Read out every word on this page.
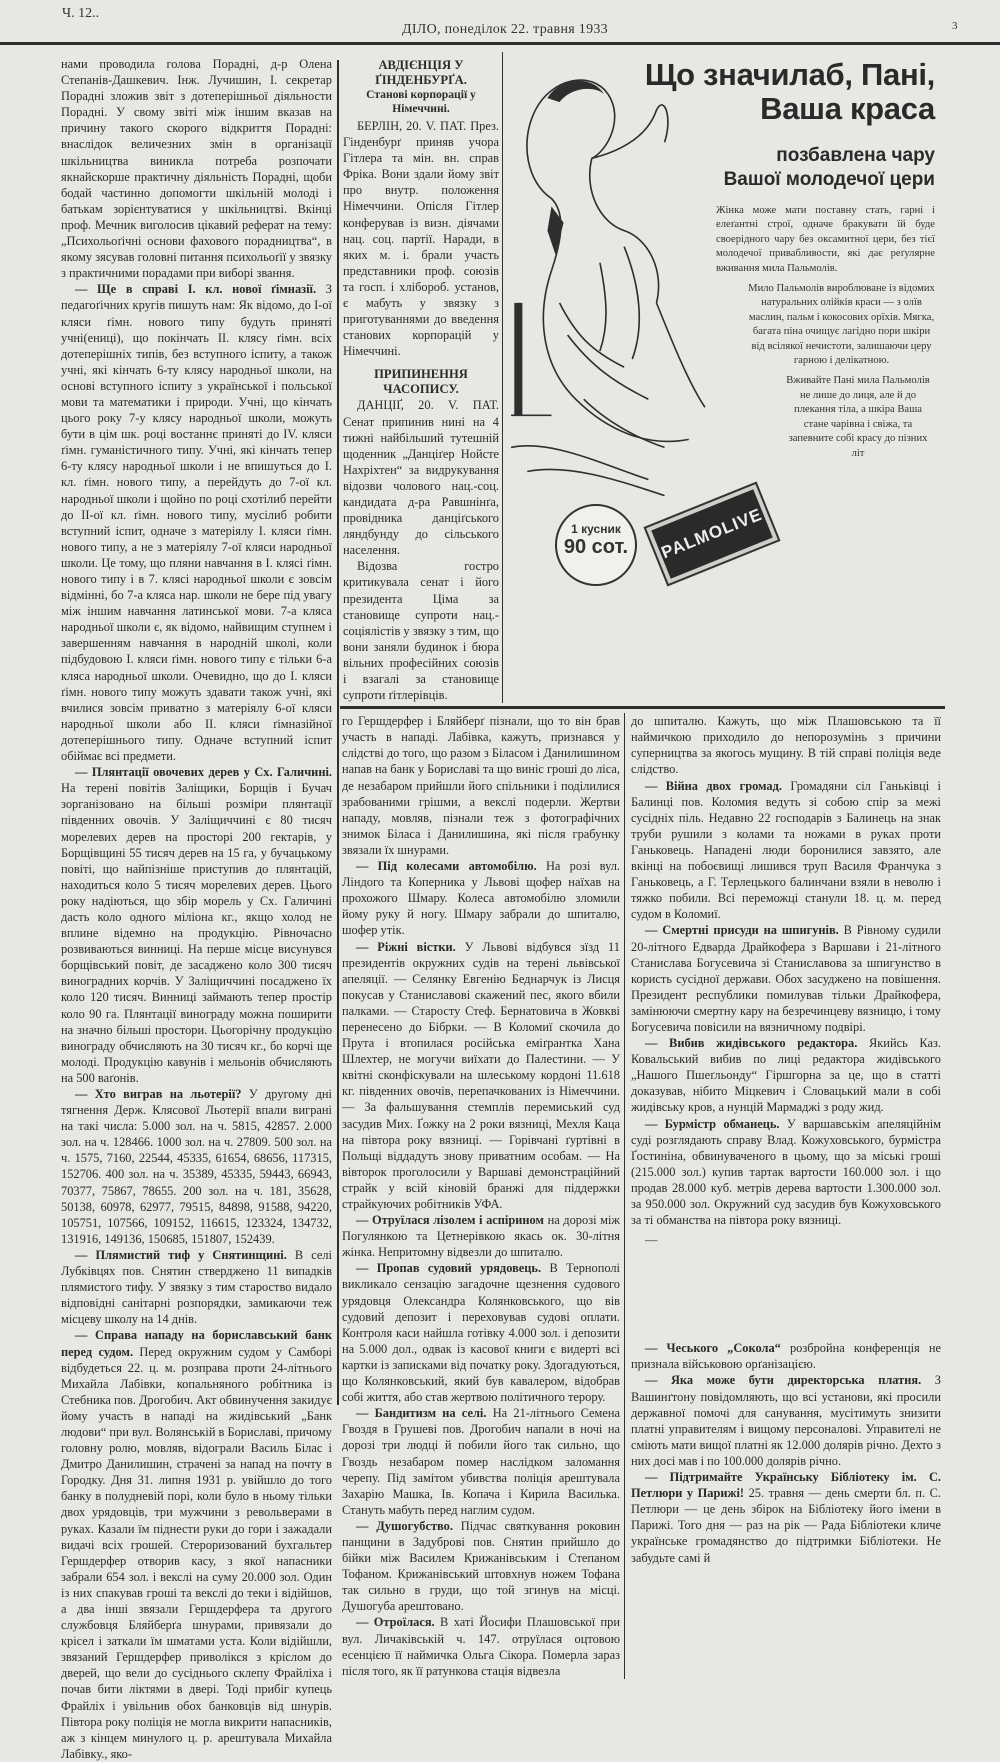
Ч. 12..
ДІЛО, понеділок 22. травня 1933	3

нами проводила голова Порадні, д-р Олена Степанів-Дашкевич. Інж. Лучишин, І. секретар Порадні зложив звіт з дотеперішньої діяльности Порадні. У свому звіті між іншим вказав на причину такого скорого відкриття Порадні: внаслідок величезних змін в організації шкільництва виникла потреба розпочати якнайскорше практичну діяльність Порадні, щоби бодай частинно допомогти шкільній молоді і батькам зорієнтуватися у шкільництві. Вкінці проф. Мечник виголосив цікавий реферат на тему: „Психольоґічні основи фахового порадництва“, в якому зясував головні питання психольоґії у звязку з практичними порадами при виборі звання.

— Ще в справі І. кл. нової ґімназії. З педагоґічних кругів пишуть нам: Як відомо, до І-ої кляси ґімн. нового типу будуть приняті учні(ениці), що покінчать ІІ. клясу ґімн. всіх дотеперішніх типів, без вступного іспиту, а також учні, які кінчать 6-ту клясу народньої школи, на основі вступного іспиту з української і польської мови та математики і природи. Учні, що кінчать цього року 7-у клясу народньої школи, можуть бути в цім шк. році востаннє приняті до IV. кляси ґімн. гуманістичного типу. Учні, які кінчать тепер 6-ту клясу народньої школи і не впишуться до І. кл. ґімн. нового типу, а перейдуть до 7-ої кл. народньої школи і щойно по році схотілиб перейти до ІІ-ої кл. ґімн. нового типу, мусілиб робити вступний іспит, одначе з матеріялу І. кляси ґімн. нового типу, а не з матеріялу 7-ої кляси народньої школи. Це тому, що пляни навчання в І. клясі ґімн. нового типу і в 7. клясі народньої школи є зовсім відмінні, бо 7-а кляса нар. школи не бере під увагу між іншим навчання латинської мови. 7-а кляса народньої школи є, як відомо, найвищим ступнем і завершенням навчання в народній школі, коли підбудовою І. кляси ґімн. нового типу є тільки 6-а кляса народньої школи. Очевидно, що до І. кляси ґімн. нового типу можуть здавати також учні, які вчилися зовсім приватно з матеріялу 6-ої кляси народньої школи або ІІ. кляси ґімназійної дотеперішнього типу. Одначе вступний іспит обіймає всі предмети.

— Плянтації овочевих дерев у Сх. Галичині. На терені повітів Заліщики, Борщів і Бучач зорганізовано на більші розміри плянтації південних овочів. У Заліщиччині є 80 тисяч морелевих дерев на просторі 200 гектарів, у Борщівщині 55 тисяч дерев на 15 га, у бучацькому повіті, що найпізніше приступив до плянтацій, находиться коло 5 тисяч морелевих дерев. Цього року надіються, що збір морель у Сх. Галичині дасть коло одного міліона кг., якщо холод не вплине відемно на продукцію. Рівночасно розвиваються винниці. На перше місце висунувся борщівський повіт, де засаджено коло 300 тисяч виноградних корчів. У Заліщиччині посаджено їх коло 120 тисяч. Винниці займають тепер простір коло 90 га. Плянтації винограду можна поширити на значно більші простори. Цьогорічну продукцію винограду обчисляють на 30 тисяч кг., бо корчі ще молоді. Продукцію кавунів і мельонів обчисляють на 500 ваґонів.

— Хто виграв на льотерії? У другому дні тягнення Держ. Клясової Льотерії впали виграні на такі числа: 5.000 зол. на ч. 5815, 42857. 2.000 зол. на ч. 128466. 1000 зол. на ч. 27809. 500 зол. на ч. 1575, 7160, 22544, 45335, 61654, 68656, 117315, 152706. 400 зол. на ч. 35389, 45335, 59443, 66943, 70377, 75867, 78655. 200 зол. на ч. 181, 35628, 50138, 60978, 62977, 79515, 84898, 91588, 94220, 105751, 107566, 109152, 116615, 123324, 134732, 131916, 149136, 150685, 151807, 152439.

— Плямистий тиф у Снятинщині. В селі Лубківцях пов. Снятин стверджено 11 випадків плямистого тифу. У звязку з тим староство видало відповідні санітарні розпорядки, замикаючи теж місцеву школу на 14 днів.

— Справа нападу на бориславський банк перед судом. Перед окружним судом у Самборі відбудеться 22. ц. м. розправа проти 24-літнього Михайла Лабівки, копальняного робітника із Стебника пов. Дрогобич. Акт обвинучення закидує йому участь в нападі на жидівський „Банк людови“ при вул. Волянській в Бориславі, причому головну ролю, мовляв, відограли Василь Білас і Дмитро Данилишин, страчені за напад на почту в Городку. Дня 31. липня 1931 р. увійшло до того банку в полудневій порі, коли було в ньому тільки двох урядовців, три мужчини з револьверами в руках. Казали їм піднести руки до гори і зажадали видачі всіх грошей. Стероризований бухгальтер Гершдерфер отворив касу, з якої напасники забрали 654 зол. і векслі на суму 20.000 зол. Один із них спакував гроші та векслі до теки і відійшов, а два інші звязали Гершдерфера та другого службовця Бляйберґа шнурами, привязали до крісел і заткали їм шматами уста. Коли відійшли, звязаний Гершдерфер приволікся з кріслом до дверей, що вели до сусіднього склепу Фрайліха і почав бити ліктями в двері. Тоді прибіг купець Фрайліх і увільнив обох банковців від шнурів. Півтора року поліція не могла викрити напасників, аж з кінцем минулого ц. р. арештувала Михайла Лабівку., яко-

АВДІЄНЦІЯ У ҐІНДЕНБУРҐА.
Станові корпорації у Німеччині.

БЕРЛІН, 20. V. ПАТ. През. Гінденбурґ приняв учора Гітлера та мін. вн. справ Фріка. Вони здали йому звіт про внутр. положення Німеччини. Опісля Гітлер конферував із визн. діячами нац. соц. партії. Наради, в яких м. і. брали участь представники проф. союзів та госп. і хлібороб. установ, є мабуть у звязку з приготуваннями до введення станових корпорацій у Німеччині.

ПРИПИНЕННЯ ЧАСОПИСУ.

ДАНЦІҐ, 20. V. ПАТ. Сенат припинив нині на 4 тижні найбільший тутешній щоденник „Данціґер Нойсте Нахріхтен“ за видрукування відозви чолового нац.-соц. кандидата д-ра Равшнінґа, провідника данціґського ляндбунду до сільського населення.

Відозва гостро критикувала сенат і його президента Ціма за становище супроти нац.-соціялістів у звязку з тим, що вони заняли будинок і бюра вільних професійних союзів і взагалі за становище супроти ґітлерівців.

Що значилаб, Пані,
Ваша краса
позбавлена чару
Вашої молодечої цери
Жінка може мати поставну стать, гарні і елеґантні строї, одначе бракувати їй буде своерідного чару без оксамитної цери, без тієї молодечої привабливости, які дає реґулярне вживання мила Пальмолів.
Мило Пальмолів вироблюване із відомих натуральних олійків краси — з олїв маслин, пальм і кокосових орїхів. Мягка, багата піна очищує лагідно пори шкіри від всілякої нечистоти, залишаючи церу гарною і делікатною.
Вживайте Пані мила Пальмолів не лише до лиця, але й до плекання тіла, а шкіра Ваша стане чарівна і свіжа, та запевните собі красу до пізних літ
1 кусник
90 сот.	PALMOLIVE

го Гершдерфер і Бляйберґ пізнали, що то він брав участь в нападі. Лабівка, кажуть, признався у слідстві до того, що разом з Біласом і Данилишином напав на банк у Бориславі та що виніс гроші до ліса, де незабаром прийшли його спільники і поділилися зрабованими грішми, а векслі подерли. Жертви нападу, мовляв, пізнали теж з фотографічних знимок Біласа і Данилишина, які після грабунку звязали їх шнурами.

— Під колесами автомобілю. На розі вул. Ліндого та Коперника у Львові щофер наїхав на прохожого Шмару. Колеса автомобілю зломили йому руку й ногу. Шмару забрали до шпиталю, шофер утік.

— Ріжні вістки. У Львові відбувся зїзд 11 президентів окружних судів на терені львівської апеляції. — Селянку Евгенію Беднарчук із Лисця покусав у Станиславові скажений пес, якого вбили палками. — Старосту Стеф. Бернатовича в Жовкві перенесено до Бібрки. — В Коломиї скочила до Прута і втопилася російська еміґрантка Хана Шлехтер, не могучи виїхати до Палестини. — У квітні сконфіскували на шлеському кордоні 11.618 кг. південних овочів, перепачкованих із Німеччини. — За фальшування стемплів перемиський суд засудив Мих. Ґожку на 2 роки вязниці, Мехля Каца на півтора року вязниці. — Горівчані ґуртівні в Польщі віддадуть знову приватним особам. — На вівторок проголосили у Варшаві демонстраційний страйк у всій кіновій бранжі для піддержки страйкуючих робітників УФА.

— Отруїлася лізолем і аспірином на дорозі між Погулянкою та Цетнерівкою якась ок. 30-літня жінка. Непритомну відвезли до шпиталю.

— Пропав судовий урядовець. В Тернополі викликало сензацію загадочне щезнення судового урядовця Олександра Колянковського, що вів судовий депозит і переховував судові оплати. Контроля каси найшла готівку 4.000 зол. і депозити на 5.000 дол., одвак із касової книги є видерті всі картки із записками від початку року. Здогадуються, що Колянковський, який був кавалером, відобрав собі життя, або став жертвою політичного терору.

— Бандитизм на селі. На 21-літнього Семена Гвоздя в Грушеві пов. Дрогобич напали в ночі на дорозі три людці й побили його так сильно, що Гвоздь незабаром помер наслідком заломання черепу. Під замітом убивства поліція арештувала Захарію Машка, Ів. Копача і Кирила Василька. Стануть мабуть перед наглим судом.

— Душогубство. Підчас святкування роковин панщини в Задуброві пов. Снятин прийшло до бійки між Василем Крижанівським і Степаном Тофаном. Крижанівський штовхнув ножем Тофана так сильно в груди, що той згинув на місці. Душогуба арештовано.

— Отроїлася. В хаті Йосифи Плашовської при вул. Личаківській ч. 147. отруїлася оцтовою есенцією її наймичка Ольга Сікора. Померла зараз після того, як її ратункова стація відвезла

до шпиталю. Кажуть, що між Плашовською та її наймичкою приходило до непорозумінь з причини суперництва за якогось мущину. В тій справі поліція веде слідство.

— Війна двох громад. Громадяни сіл Ганьківці і Балинці пов. Коломия ведуть зі собою спір за межі сусідніх піль. Недавно 22 господарів з Балинець на знак труби рушили з колами та ножами в руках проти Ганьковець. Нападені люди боронилися завзято, але вкінці на побоєвищі лишився труп Василя Франчука з Ганьковець, а Г. Терлецького балинчани взяли в неволю і тяжко побили. Всі переможці станули 18. ц. м. перед судом в Коломиї.

— Смертні присуди на шпигунів. В Рівному судили 20-літного Едварда Драйкофера з Варшави і 21-літного Станислава Богусевича зі Станиславова за шпигунство в користь сусідної держави. Обох засуджено на повішення. Президент республики помилував тільки Драйкофера, замінюючи смертну кару на безречинцеву вязницю, і тому Богусевича повісили на вязничному подвірі.

— Вибив жидівського редактора. Якийсь Каз. Ковальський вибив по лиці редактора жидівського „Нашого Пшеґльонду“ Гіршгорна за це, що в статті доказував, нібито Міцкевич і Словацький мали в собі жидівську кров, а нунцій Мармаджі з роду жид.

— Бурмістр обманець. У варшавськім апеляційнім суді розглядають справу Влад. Кожуховського, бурмістра Ґостиніна, обвинуваченого в цьому, що за міські гроші (215.000 зол.) купив тартак вартости 160.000 зол. і що продав 28.000 куб. метрів дерева вартости 1.300.000 зол. за 950.000 зол. Окружний суд засудив був Кожуховського за ті обманства на півтора року вязниці.

—

— Чеського „Сокола“ розбройна конференція не признала військовою орґанізацією.

— Яка може бути директорська платня. З Вашинґтону повідомляють, що всі установи, які просили державної помочі для санування, мусітимуть знизити платні управителям і вищому персоналові. Управителі не сміють мати вищої платні як 12.000 долярів річно. Дехто з них досі мав і по 100.000 долярів річно.

— Підтримайте Українську Бібліотеку ім. С. Петлюри у Парижі! 25. травня — день смерти бл. п. С. Петлюри — це день збірок на Бібліотеку його імени в Парижі. Того дня — раз на рік — Рада Бібліотеки кличе українське громадянство до підтримки Бібліотеки. Не забудьте самі й
